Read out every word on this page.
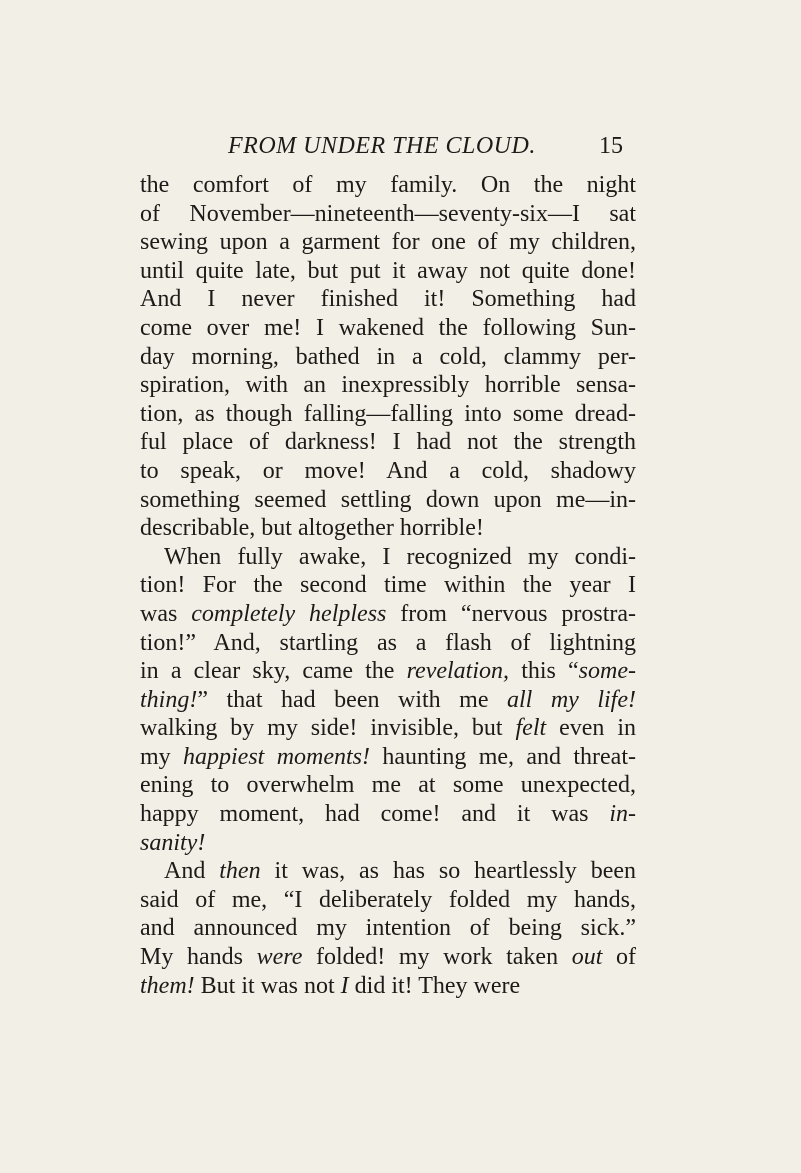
FROM UNDER THE CLOUD.	15
the comfort of my family. On the night
of November—nineteenth—seventy-six—I sat
sewing upon a garment for one of my children,
until quite late, but put it away not quite done!
And I never finished it! Something had
come over me! I wakened the following Sun-
day morning, bathed in a cold, clammy per-
spiration, with an inexpressibly horrible sensa-
tion, as though falling—falling into some dread-
ful place of darkness! I had not the strength
to speak, or move! And a cold, shadowy
something seemed settling down upon me—in-
describable, but altogether horrible!
When fully awake, I recognized my condi-
tion! For the second time within the year I
was completely helpless from “nervous prostra-
tion!” And, startling as a flash of lightning
in a clear sky, came the revelation, this “some-
thing!” that had been with me all my life!
walking by my side! invisible, but felt even in
my happiest moments! haunting me, and threat-
ening to overwhelm me at some unexpected,
happy moment, had come! and it was in-
sanity!
And then it was, as has so heartlessly been
said of me, “I deliberately folded my hands,
and announced my intention of being sick.”
My hands were folded! my work taken out of
them! But it was not I did it! They were
